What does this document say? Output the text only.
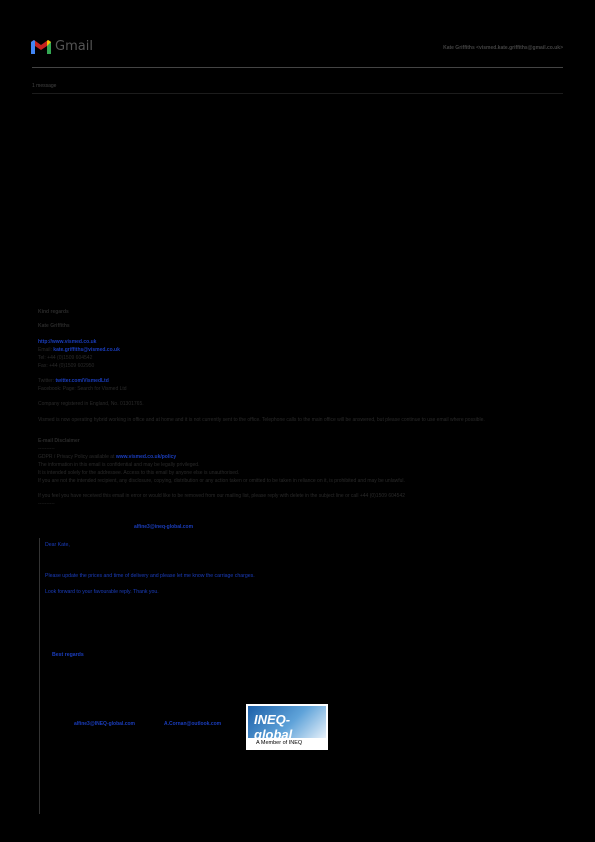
Gmail	Kate Griffiths <vismed.kate.griffiths@gmail.co.uk>
1 message
Kind regards
Kate Griffiths
http://www.vismed.co.uk
Email: kate.griffiths@vismed.co.uk
Tel: +44 (0)1509 604542
Fax: +44 (0)1509 602950
Twitter: twitter.com/VismedLtd
Facebook: Page: Search for Vismed Ltd
Company registered in England, No. 01301765.
Vismed is now operating hybrid working in office and at home and it is not currently sent to the office. Telephone calls to the main office will be answered, but please continue to use email where possible.
E-mail Disclaimer
----------
GDPR / Privacy Policy available at www.vismed.co.uk/policy
The information in this email is confidential and may be legally privileged.
It is intended solely for the addressee. Access to this email by anyone else is unauthorised.
If you are not the intended recipient, any disclosure, copying, distribution or any action taken or omitted to be taken in reliance on it, is prohibited and may be unlawful.
If you feel you have received this email in error or would like to be removed from our mailing list, please reply with delete in the subject line or call +44 (0)1509 604542
----------
alfine3@ineq-global.com
Dear Kate,
Please update the prices and time of delivery and please let me know the carriage charges.
Look forward to your favourable reply. Thank you.
Best regards
alfine3@INEQ-global.com	A.Cornan@outlook.com	INEQ-global
A Member of INEQ
